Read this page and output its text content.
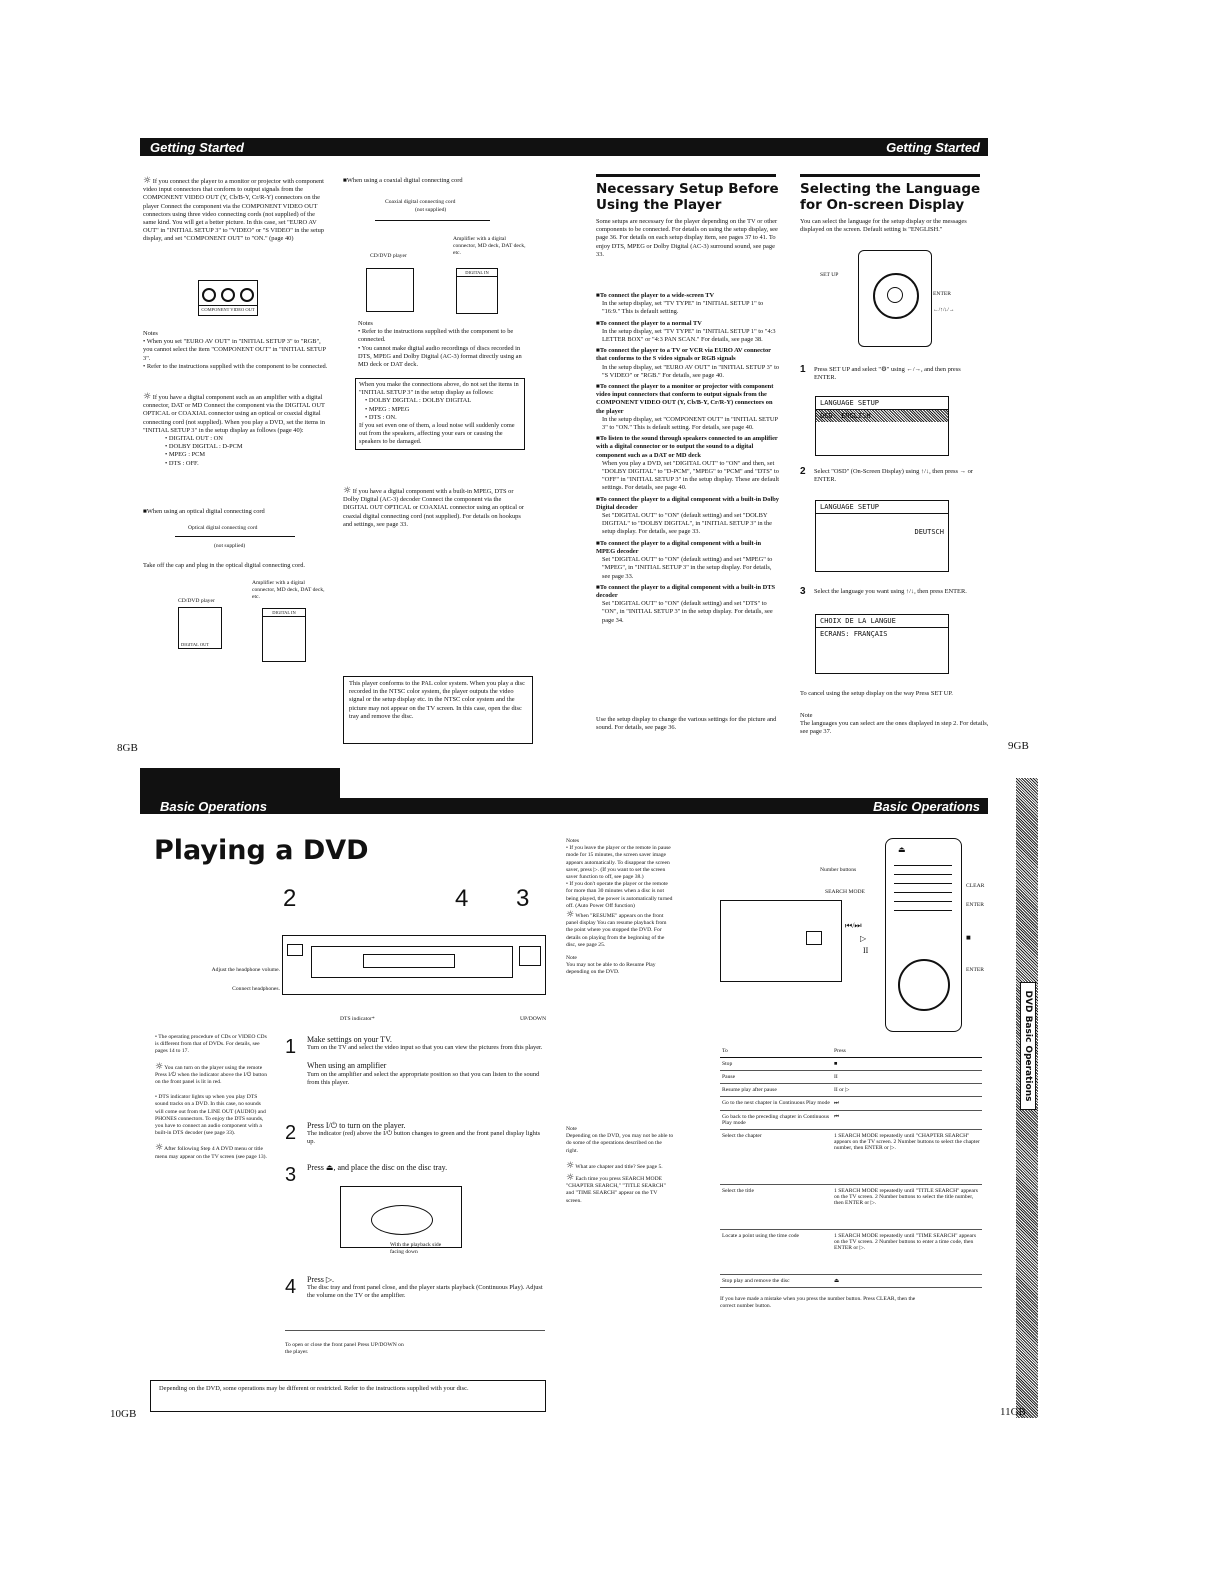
Getting Started	Getting Started
☼ If you connect the player to a monitor or projector with component video input connectors that conform to output signals from the COMPONENT VIDEO OUT (Y, Cb/B-Y, Cr/R-Y) connectors on the player Connect the component via the COMPONENT VIDEO OUT connectors using three video connecting cords (not supplied) of the same kind. You will get a better picture. In this case, set "EURO AV OUT" in "INITIAL SETUP 3" to "VIDEO" or "S VIDEO" in the setup display, and set "COMPONENT OUT" to "ON." (page 40)
COMPONENT VIDEO OUT
Notes
• When you set "EURO AV OUT" in "INITIAL SETUP 3" to "RGB", you cannot select the item "COMPONENT OUT" in "INITIAL SETUP 3".
• Refer to the instructions supplied with the component to be connected.
☼ If you have a digital component such as an amplifier with a digital connector, DAT or MD Connect the component via the DIGITAL OUT OPTICAL or COAXIAL connector using an optical or coaxial digital connecting cord (not supplied). When you play a DVD, set the items in "INITIAL SETUP 3" in the setup display as follows (page 40):
• DIGITAL OUT : ON
• DOLBY DIGITAL : D-PCM
• MPEG : PCM
• DTS : OFF.
■When using an optical digital connecting cord
Optical digital connecting cord
(not supplied)
Take off the cap and plug in the optical digital connecting cord.
Amplifier with a digital connector, MD deck, DAT deck, etc.
CD/DVD player
DIGITAL OUT
DIGITAL IN
■When using a coaxial digital connecting cord
Coaxial digital connecting cord
(not supplied)
Amplifier with a digital connector, MD deck, DAT deck, etc.
CD/DVD player
DIGITAL IN
Notes
• Refer to the instructions supplied with the component to be connected.
• You cannot make digital audio recordings of discs recorded in DTS, MPEG and Dolby Digital (AC-3) format directly using an MD deck or DAT deck.
When you make the connections above, do not set the items in "INITIAL SETUP 3" in the setup display as follows:
• DOLBY DIGITAL : DOLBY DIGITAL
• MPEG : MPEG
• DTS : ON.
If you set even one of them, a loud noise will suddenly come out from the speakers, affecting your ears or causing the speakers to be damaged.
☼ If you have a digital component with a built-in MPEG, DTS or Dolby Digital (AC-3) decoder Connect the component via the DIGITAL OUT OPTICAL or COAXIAL connector using an optical or coaxial digital connecting cord (not supplied). For details on hookups and settings, see page 33.
This player conforms to the PAL color system. When you play a disc recorded in the NTSC color system, the player outputs the video signal or the setup display etc. in the NTSC color system and the picture may not appear on the TV screen. In this case, open the disc tray and remove the disc.
Necessary Setup Before Using the Player
Some setups are necessary for the player depending on the TV or other components to be connected. For details on using the setup display, see page 36. For details on each setup display item, see pages 37 to 41. To enjoy DTS, MPEG or Dolby Digital (AC-3) surround sound, see page 33.
■To connect the player to a wide-screen TV
In the setup display, set "TV TYPE" in "INITIAL SETUP 1" to "16:9." This is default setting.
■To connect the player to a normal TV
In the setup display, set "TV TYPE" in "INITIAL SETUP 1" to "4:3 LETTER BOX" or "4:3 PAN SCAN." For details, see page 38.
■To connect the player to a TV or VCR via EURO AV connector that conforms to the S video signals or RGB signals
In the setup display, set "EURO AV OUT" in "INITIAL SETUP 3" to "S VIDEO" or "RGB." For details, see page 40.
■To connect the player to a monitor or projector with component video input connectors that conform to output signals from the COMPONENT VIDEO OUT (Y, Cb/B-Y, Cr/R-Y) connectors on the player
In the setup display, set "COMPONENT OUT" in "INITIAL SETUP 3" to "ON." This is default setting. For details, see page 40.
■To listen to the sound through speakers connected to an amplifier with a digital connector or to output the sound to a digital component such as a DAT or MD deck
When you play a DVD, set "DIGITAL OUT" to "ON" and then, set "DOLBY DIGITAL" to "D-PCM", "MPEG" to "PCM" and "DTS" to "OFF" in "INITIAL SETUP 3" in the setup display. These are default settings. For details, see page 40.
■To connect the player to a digital component with a built-in Dolby Digital decoder
Set "DIGITAL OUT" to "ON" (default setting) and set "DOLBY DIGITAL" to "DOLBY DIGITAL", in "INITIAL SETUP 3" in the setup display. For details, see page 33.
■To connect the player to a digital component with a built-in MPEG decoder
Set "DIGITAL OUT" to "ON" (default setting) and set "MPEG" to "MPEG", in "INITIAL SETUP 3" in the setup display. For details, see page 33.
■To connect the player to a digital component with a built-in DTS decoder
Set "DIGITAL OUT" to "ON" (default setting) and set "DTS" to "ON", in "INITIAL SETUP 3" in the setup display. For details, see page 34.
Use the setup display to change the various settings for the picture and sound. For details, see page 36.
Selecting the Language for On-screen Display
You can select the language for the setup display or the messages displayed on the screen. Default setting is "ENGLISH."
SET UP
ENTER
←/↑/↓/→
1 Press SET UP and select "⚙" using ←/→, and then press ENTER.
LANGUAGE SETUP
OSD: ENGLISH
2 Select "OSD" (On-Screen Display) using ↑/↓, then press → or ENTER.
LANGUAGE SETUP
DEUTSCH
3 Select the language you want using ↑/↓, then press ENTER.
CHOIX DE LA LANGUE
ECRANS: FRANÇAIS
To cancel using the setup display on the way Press SET UP.
Note
The languages you can select are the ones displayed in step 2. For details, see page 37.
8GB	9GB
Basic Operations	Basic Operations
Playing a DVD
2	4 3
Adjust the headphone volume.
Connect headphones.
DTS indicator*	UP/DOWN
• The operating procedure of CDs or VIDEO CDs is different from that of DVDs. For details, see pages 14 to 17.
☼ You can turn on the player using the remote Press I/⏻ when the indicator above the I/⏻ button on the front panel is lit in red.
• DTS indicator lights up when you play DTS sound tracks on a DVD. In this case, no sounds will come out from the LINE OUT (AUDIO) and PHONES connectors. To enjoy the DTS sounds, you have to connect an audio component with a built-in DTS decoder (see page 33).
☼ After following Step 4 A DVD menu or title menu may appear on the TV screen (see page 13).
1 Make settings on your TV.
Turn on the TV and select the video input so that you can view the pictures from this player.
When using an amplifier
Turn on the amplifier and select the appropriate position so that you can listen to the sound from this player.
2 Press I/⏻ to turn on the player.
The indicator (red) above the I/⏻ button changes to green and the front panel display lights up.
3 Press ⏏, and place the disc on the disc tray.
With the playback side facing down
4 Press ▷.
The disc tray and front panel close, and the player starts playback (Continuous Play). Adjust the volume on the TV or the amplifier.
To open or close the front panel Press UP/DOWN on the player.
Depending on the DVD, some operations may be different or restricted. Refer to the instructions supplied with your disc.
Notes
• If you leave the player or the remote in pause mode for 15 minutes, the screen saver image appears automatically. To disappear the screen saver, press ▷. (If you want to set the screen saver function to off, see page 38.)
• If you don't operate the player or the remote for more than 30 minutes when a disc is not being played, the power is automatically turned off. (Auto Power Off function)
☼ When "RESUME" appears on the front panel display You can resume playback from the point where you stopped the DVD. For details on playing from the beginning of the disc, see page 25.
Note
You may not be able to do Resume Play depending on the DVD.
Note
Depending on the DVD, you may not be able to do some of the operations described on the right.
☼ What are chapter and title? See page 5.
☼ Each time you press SEARCH MODE "CHAPTER SEARCH," "TITLE SEARCH" and "TIME SEARCH" appear on the TV screen.
⏏
Number buttons
SEARCH MODE
CLEAR
ENTER
⏮/⏭
▷	■
II
ENTER
To	Press
Stop	■
Pause	II
Resume play after pause	II or ▷
Go to the next chapter in Continuous Play mode	⏭
Go back to the preceding chapter in Continuous Play mode	⏮
Select the chapter	1 SEARCH MODE repeatedly until "CHAPTER SEARCH" appears on the TV screen. 2 Number buttons to select the chapter number, then ENTER or ▷.
Select the title	1 SEARCH MODE repeatedly until "TITLE SEARCH" appears on the TV screen. 2 Number buttons to select the title number, then ENTER or ▷.
Locate a point using the time code	1 SEARCH MODE repeatedly until "TIME SEARCH" appears on the TV screen. 2 Number buttons to enter a time code, then ENTER or ▷.
Stop play and remove the disc	⏏
If you have made a mistake when you press the number button. Press CLEAR, then the correct number button.
DVD Basic Operations
10GB	11GB
